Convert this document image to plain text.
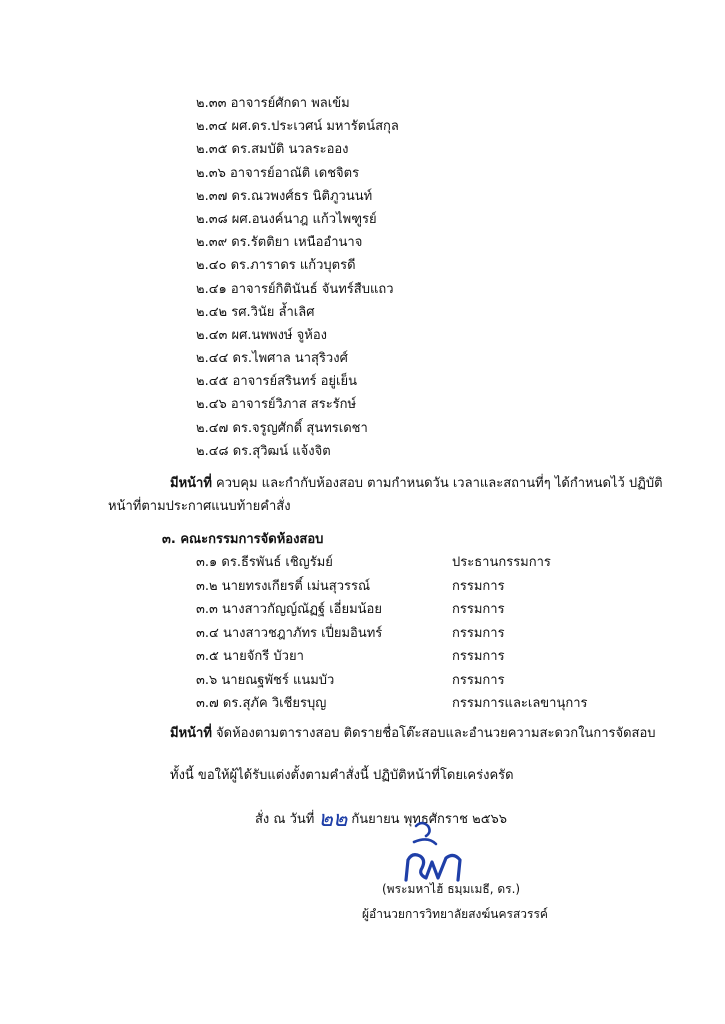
๒.๓๓ อาจารย์ศักดา พลเข้ม
๒.๓๔ ผศ.ดร.ประเวศน์ มหารัตน์สกุล
๒.๓๕ ดร.สมบัติ นวลระออง
๒.๓๖ อาจารย์อาณัติ เดชจิตร
๒.๓๗ ดร.ณวพงศ์ธร นิติภูวนนท์
๒.๓๘ ผศ.อนงค์นาฎ แก้วไพฑูรย์
๒.๓๙ ดร.รัตติยา เหนืออำนาจ
๒.๔๐ ดร.ภาราดร แก้วบุตรดี
๒.๔๑ อาจารย์กิตินันธ์ จันทร์สืบแถว
๒.๔๒ รศ.วินัย ล้ำเลิศ
๒.๔๓ ผศ.นพพงษ์ จูห้อง
๒.๔๔ ดร.ไพศาล นาสุริวงศ์
๒.๔๕ อาจารย์สรินทร์ อยู่เย็น
๒.๔๖ อาจารย์วิภาส สระรักษ์
๒.๔๗ ดร.จรูญศักดิ์ สุนทรเดชา
๒.๔๘ ดร.สุวิฒน์ แจ้งจิต
มีหน้าที่ ควบคุม และกำกับห้องสอบ ตามกำหนดวัน เวลาและสถานที่ๆ ได้กำหนดไว้ ปฏิบัติ
หน้าที่ตามประกาศแนบท้ายคำสั่ง
๓. คณะกรรมการจัดห้องสอบ
๓.๑ ดร.ธีรพันธ์ เชิญรัมย์	ประธานกรรมการ
๓.๒ นายทรงเกียรติ์ เม่นสุวรรณ์	กรรมการ
๓.๓ นางสาวกัญญ์ณัฏฐ์ เอี่ยมน้อย	กรรมการ
๓.๔ นางสาวชฎาภัทร เปี่ยมอินทร์	กรรมการ
๓.๕ นายจักรี บัวยา	กรรมการ
๓.๖ นายณฐพัชร์ แนมบัว	กรรมการ
๓.๗ ดร.สุภัค วิเชียรบุญ	กรรมการและเลขานุการ
มีหน้าที่ จัดห้องตามตารางสอบ ติดรายชื่อโต๊ะสอบและอำนวยความสะดวกในการจัดสอบ
ทั้งนี้ ขอให้ผู้ได้รับแต่งตั้งตามคำสั่งนี้ ปฏิบัติหน้าที่โดยเคร่งครัด
สั่ง ณ วันที่ ๒๒ กันยายน พุทธศักราช ๒๕๖๖
(พระมหาไฮ้ ธมฺมเมธี, ดร.)
ผู้อำนวยการวิทยาลัยสงฆ์นครสวรรค์
